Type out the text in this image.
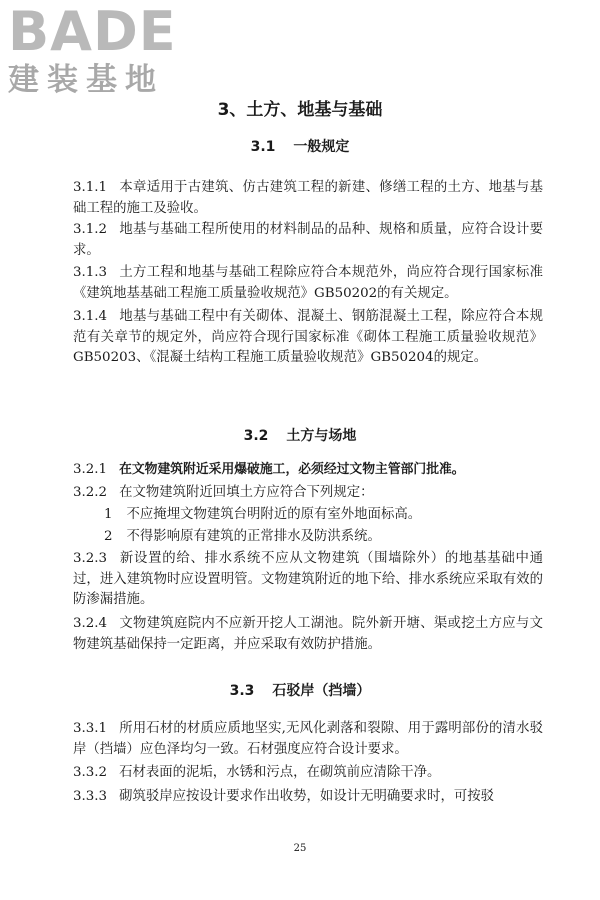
BADE
建装基地
3、土方、地基与基础
3.1 一般规定

3.1.1 本章适用于古建筑、仿古建筑工程的新建、修缮工程的土方、地基与基础工程的施工及验收。

3.1.2 地基与基础工程所使用的材料制品的品种、规格和质量，应符合设计要求。

3.1.3 土方工程和地基与基础工程除应符合本规范外，尚应符合现行国家标准《建筑地基基础工程施工质量验收规范》GB50202的有关规定。

3.1.4 地基与基础工程中有关砌体、混凝土、钢筋混凝土工程，除应符合本规范有关章节的规定外，尚应符合现行国家标准《砌体工程施工质量验收规范》GB50203、《混凝土结构工程施工质量验收规范》GB50204的规定。

3.2 土方与场地

3.2.1 在文物建筑附近采用爆破施工，必须经过文物主管部门批准。

3.2.2 在文物建筑附近回填土方应符合下列规定：

1 不应掩埋文物建筑台明附近的原有室外地面标高。

2 不得影响原有建筑的正常排水及防洪系统。

3.2.3 新设置的给、排水系统不应从文物建筑（围墙除外）的地基基础中通过，进入建筑物时应设置明管。文物建筑附近的地下给、排水系统应采取有效的防渗漏措施。

3.2.4 文物建筑庭院内不应新开挖人工湖池。院外新开塘、渠或挖土方应与文物建筑基础保持一定距离，并应采取有效防护措施。

3.3 石驳岸（挡墙）

3.3.1 所用石材的材质应质地坚实,无风化剥落和裂隙、用于露明部份的清水驳岸（挡墙）应色泽均匀一致。石材强度应符合设计要求。

3.3.2 石材表面的泥垢，水锈和污点，在砌筑前应清除干净。

3.3.3 砌筑驳岸应按设计要求作出收势，如设计无明确要求时，可按驳

25
